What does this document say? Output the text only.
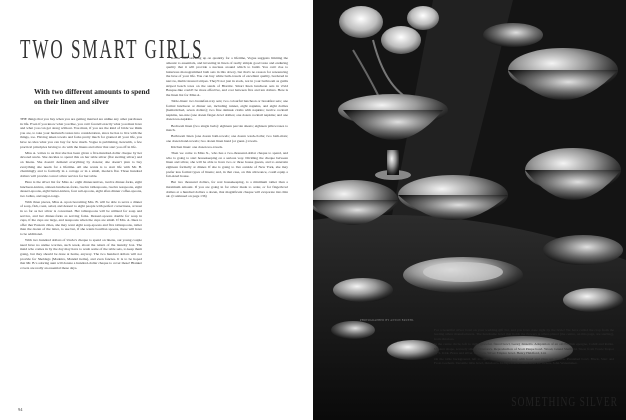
TWO SMART GIRLS
With two different amounts to spend on their linen and silver

THE things that you buy when you are getting married are unlike any other purchases in life. Even if you know what you like, you can't foretell exactly what you must have and what you can get along without. You must, if you are the kind of bride we think you are, to take your husband's tastes into consideration, since he has to live with the things, too. Having taken towels and forks pretty much for granted all your life, you have no idea what you can buy for how much. Vogue is publishing, herewith, a few practical principles having to do with the linens and silver that start you off in life.

Miss A. writes to us that she has been given a five-hundred-dollar cheque by her devoted uncle. She decides to spend this on her table silver (flat sterling silver) and on linens. She doesn't demand everything by dozens; she doesn't plan to buy everything she needs for a lifetime. All she wants is to start life with Mr. B. charmingly and to formally in a cottage or in a small, modern flat. Three hundred dollars will provide correct silver service for her table.

Here is the silver list for Miss A.: eight dinner-knives, twelve dinner-forks, eight luncheon-knives, sixteen luncheon-forks, twelve tablespoons, twelve teaspoons, eight dessert-spoons, eight butter-knives, four salt-spoons, eight after-dinner coffee-spoons, two ladles, and sugar-tongs.

With three pieces, Miss A. upon becoming Mrs. B. will be able to serve a dinner of soup, fish, roast, salad, and dessert to eight people with perfect correctness, at least in so far as her silver is concerned. Her tablespoons will be utilized for soup and service, and her dinner-forks as serving forks. Dessert-spoons double for soup in cups, if the cups are large, and teaspoons when the cups are small. If Mrs. A. likes to offer ther Eastern cities, she may want eight soup-spoons and five tablespoons, rather than the dozen of the latter, to use but, if she wants bouillon spoons, these will have to be additional.

With two hundred dollars of Uncle's cheque to spend on linens, our young couple need have no undue worries, such week, about the return of the laundry box. The maid who comes in by the day may have to wash some of the table sets, to keep them going, but they should be done at home, anyway. The two hundred dollars will not provide for Sheldegs (Madeira, Mandel items), and even fancies. It is to be hoped that Mr. B.'s adoring aunt will donate a hundred-dollar cheque to cover these! Blanket covers are really an essential these days.

Rather than stocking up on quantity for a lifetime, Vogue suggests limiting the amount to essentials, and investing in linen of really simple good taste and enduring quality that it will provide a nucleus around which to build. You can't rise to luxurious monogrammed bath sets in this dowry, but that's no reason for renouncing the luxe of your life. You can buy white bath-towels of excellent quality, bordered in narrow, multicoloured stripes. They'll not just in stack, not in your bathroom as guilts striped beach totes on the sands of Biarritz. Smart linen luncheon sets in vivid Basque-like could't be more effective, and cost between five and ten dollars. Here is the linen list for Miss A.

Table-linen: two breakfast-tray sets; two colourful luncheon or breakfast sets; one formal luncheon or dinner set, including runner, eight napkins, and eight doilies (hemstitched, seven dollars); two fine damask cloths with napkins; twelve cocktail napkins, tea-size (one dozen finger-bowl doilies; one dozen cocktail napkins; and one dozen tea-napkins.

Bedroom linen (two single beds): eighteen percale sheets; eighteen pillowcases to match.

Bathroom linen (one dozen bath-towels; one dozen wash-cloths; two bath-mats; one dozen hand-towels; two dozen linen hand (or guest-) towels.

Kitchen linen: one dozen tea-towels.

Then we come to Miss X., who has a two-thousand-dollar cheque to spend, and who is going to start housekeeping on a serious way. Dividing the cheque between linen and silver, she will be able to have two or three house guests, and to entertain eighteen formally at dinner. If she is going to live outside of New York, she may prefer less formal types of linens; and, in that case, on this allowance, could equip a fair-sized house.

But two thousand dollars, for real housekeeping, is a minimum rather than a maximum amount. If you are going in for silver made to order, or for fingerbowl doilies at a hundred dollars a dozen, that magnificent cheque will evaporate into thin air. (Continued on page 136)

94
PHOTOGRAPHED BY ANTON BRUEHL

For a beautiful silver bowl on your wedding-gift list, and you have done right by the bride! We have culled the crop from the leading silver manufacturers. The handsome bowl that holds the flowers is silver-plated (the centre, on this page, are sterling), from Orrefors.

In the centre circle, left to right, graceful, flared bowl, Georg Jensen's. Adaptation of an old English epergne, Cahill and Robin. Modern shape, severely smart; Orrefors's. Reproduction of Scott Paupe bowl. Wood, Grand Sheffield. Sheet from Towle Teapot by S. Kirk. Brass and silver, Gorham. Silver Empire bowl. Henry Haldford, Ltd.

On the table background, left to right: Hand-wrought tray with bowl and glass set, Jensen. Planished bowl, Black, Starr and Frost-Gorham. Versatile little bowl, Orrefors's. Indispensable small bowl for sweets, John Wanamaker.

SOMETHING SILVER
